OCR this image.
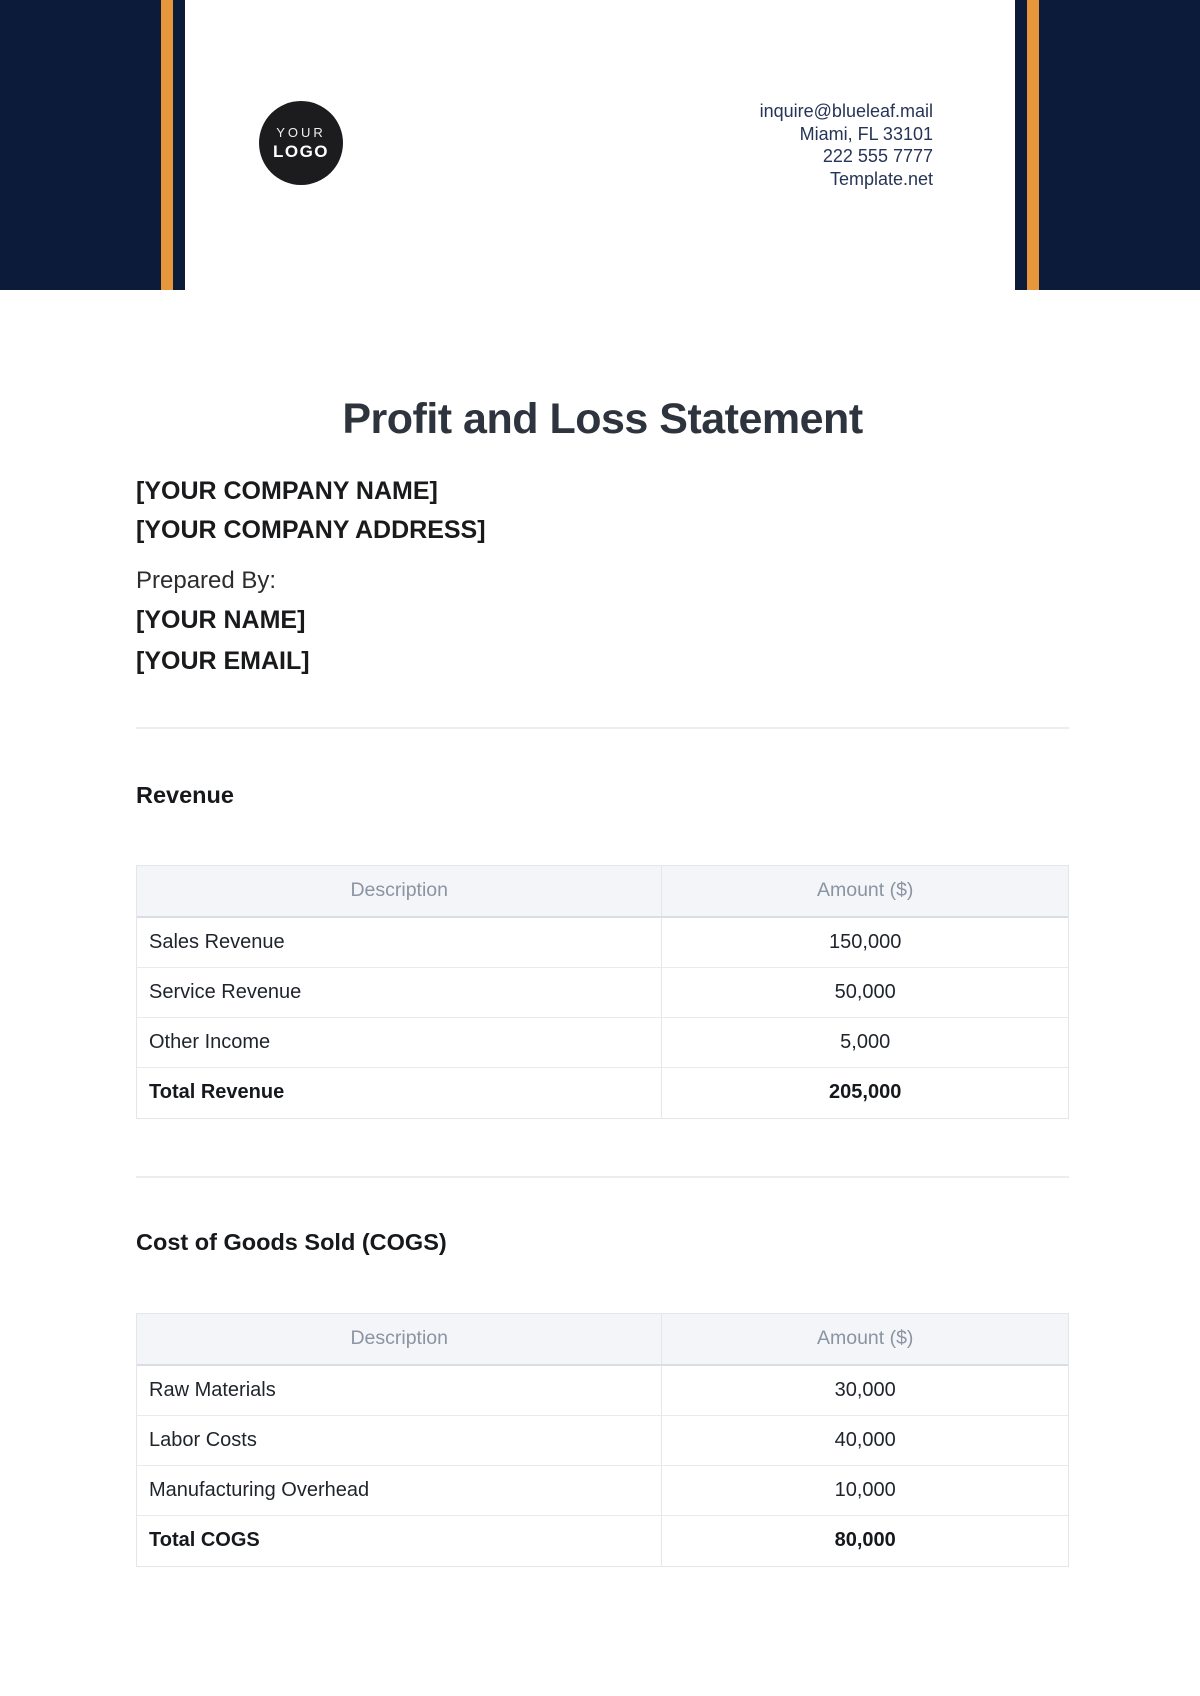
YOUR
LOGO
inquire@blueleaf.mail
Miami, FL 33101
222 555 7777
Template.net
Profit and Loss Statement

[YOUR COMPANY NAME]

[YOUR COMPANY ADDRESS]

Prepared By:

[YOUR NAME]

[YOUR EMAIL]

Revenue
Description	Amount ($)
Sales Revenue	150,000
Service Revenue	50,000
Other Income	5,000
Total Revenue	205,000
Cost of Goods Sold (COGS)
Description	Amount ($)
Raw Materials	30,000
Labor Costs	40,000
Manufacturing Overhead	10,000
Total COGS	80,000
